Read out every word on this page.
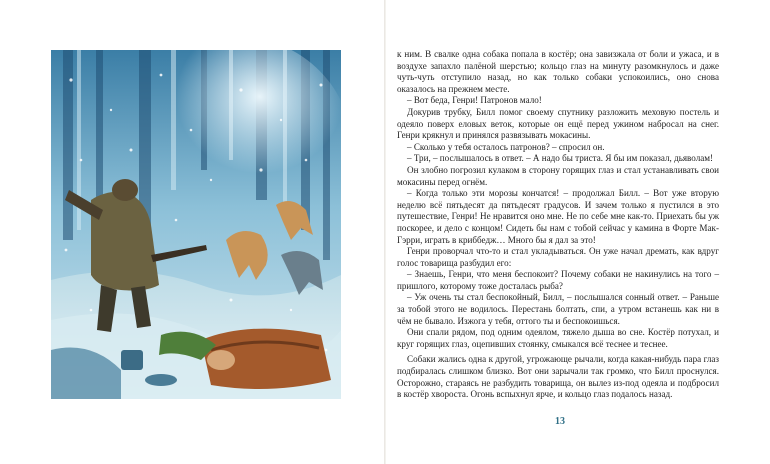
к ним. В свалке одна собака попала в костёр; она завизжала от боли и ужаса, и в воздухе запахло палёной шерстью; кольцо глаз на минуту разомкнулось и даже чуть-чуть отступило назад, но как только собаки успокоились, оно снова оказалось на прежнем месте.

– Вот беда, Генри! Патронов мало!

Докурив трубку, Билл помог своему спутнику разложить меховую постель и одеяло поверх еловых веток, которые он ещё перед ужином набросал на снег. Генри крякнул и принялся развязывать мокасины.

– Сколько у тебя осталось патронов? – спросил он.

– Три, – послышалось в ответ. – А надо бы триста. Я бы им показал, дьяволам!

Он злобно погрозил кулаком в сторону горящих глаз и стал устанавливать свои мокасины перед огнём.

– Когда только эти морозы кончатся! – продолжал Билл. – Вот уже вторую неделю всё пятьдесят да пятьдесят градусов. И зачем только я пустился в это путешествие, Генри! Не нравится оно мне. Не по себе мне как-то. Приехать бы уж поскорее, и дело с концом! Сидеть бы нам с тобой сейчас у камина в Форте Мак-Гэрри, играть в криббедж… Много бы я дал за это!

Генри проворчал что-то и стал укладываться. Он уже начал дремать, как вдруг голос товарища разбудил его:

– Знаешь, Генри, что меня беспокоит? Почему собаки не накинулись на того – пришлого, которому тоже досталась рыба?

– Уж очень ты стал беспокойный, Билл, – послышался сонный ответ. – Раньше за тобой этого не водилось. Перестань болтать, спи, а утром встанешь как ни в чём не бывало. Изжога у тебя, оттого ты и беспокоишься.

Они спали рядом, под одним одеялом, тяжело дыша во сне. Костёр потухал, и круг горящих глаз, оцепивших стоянку, смыкался всё теснее и теснее.

Собаки жались одна к другой, угрожающе рычали, когда какая-нибудь пара глаз подбиралась слишком близко. Вот они зарычали так громко, что Билл проснулся. Осторожно, стараясь не разбудить товарища, он вылез из-под одеяла и подбросил в костёр хвороста. Огонь вспыхнул ярче, и кольцо глаз подалось назад.

13
